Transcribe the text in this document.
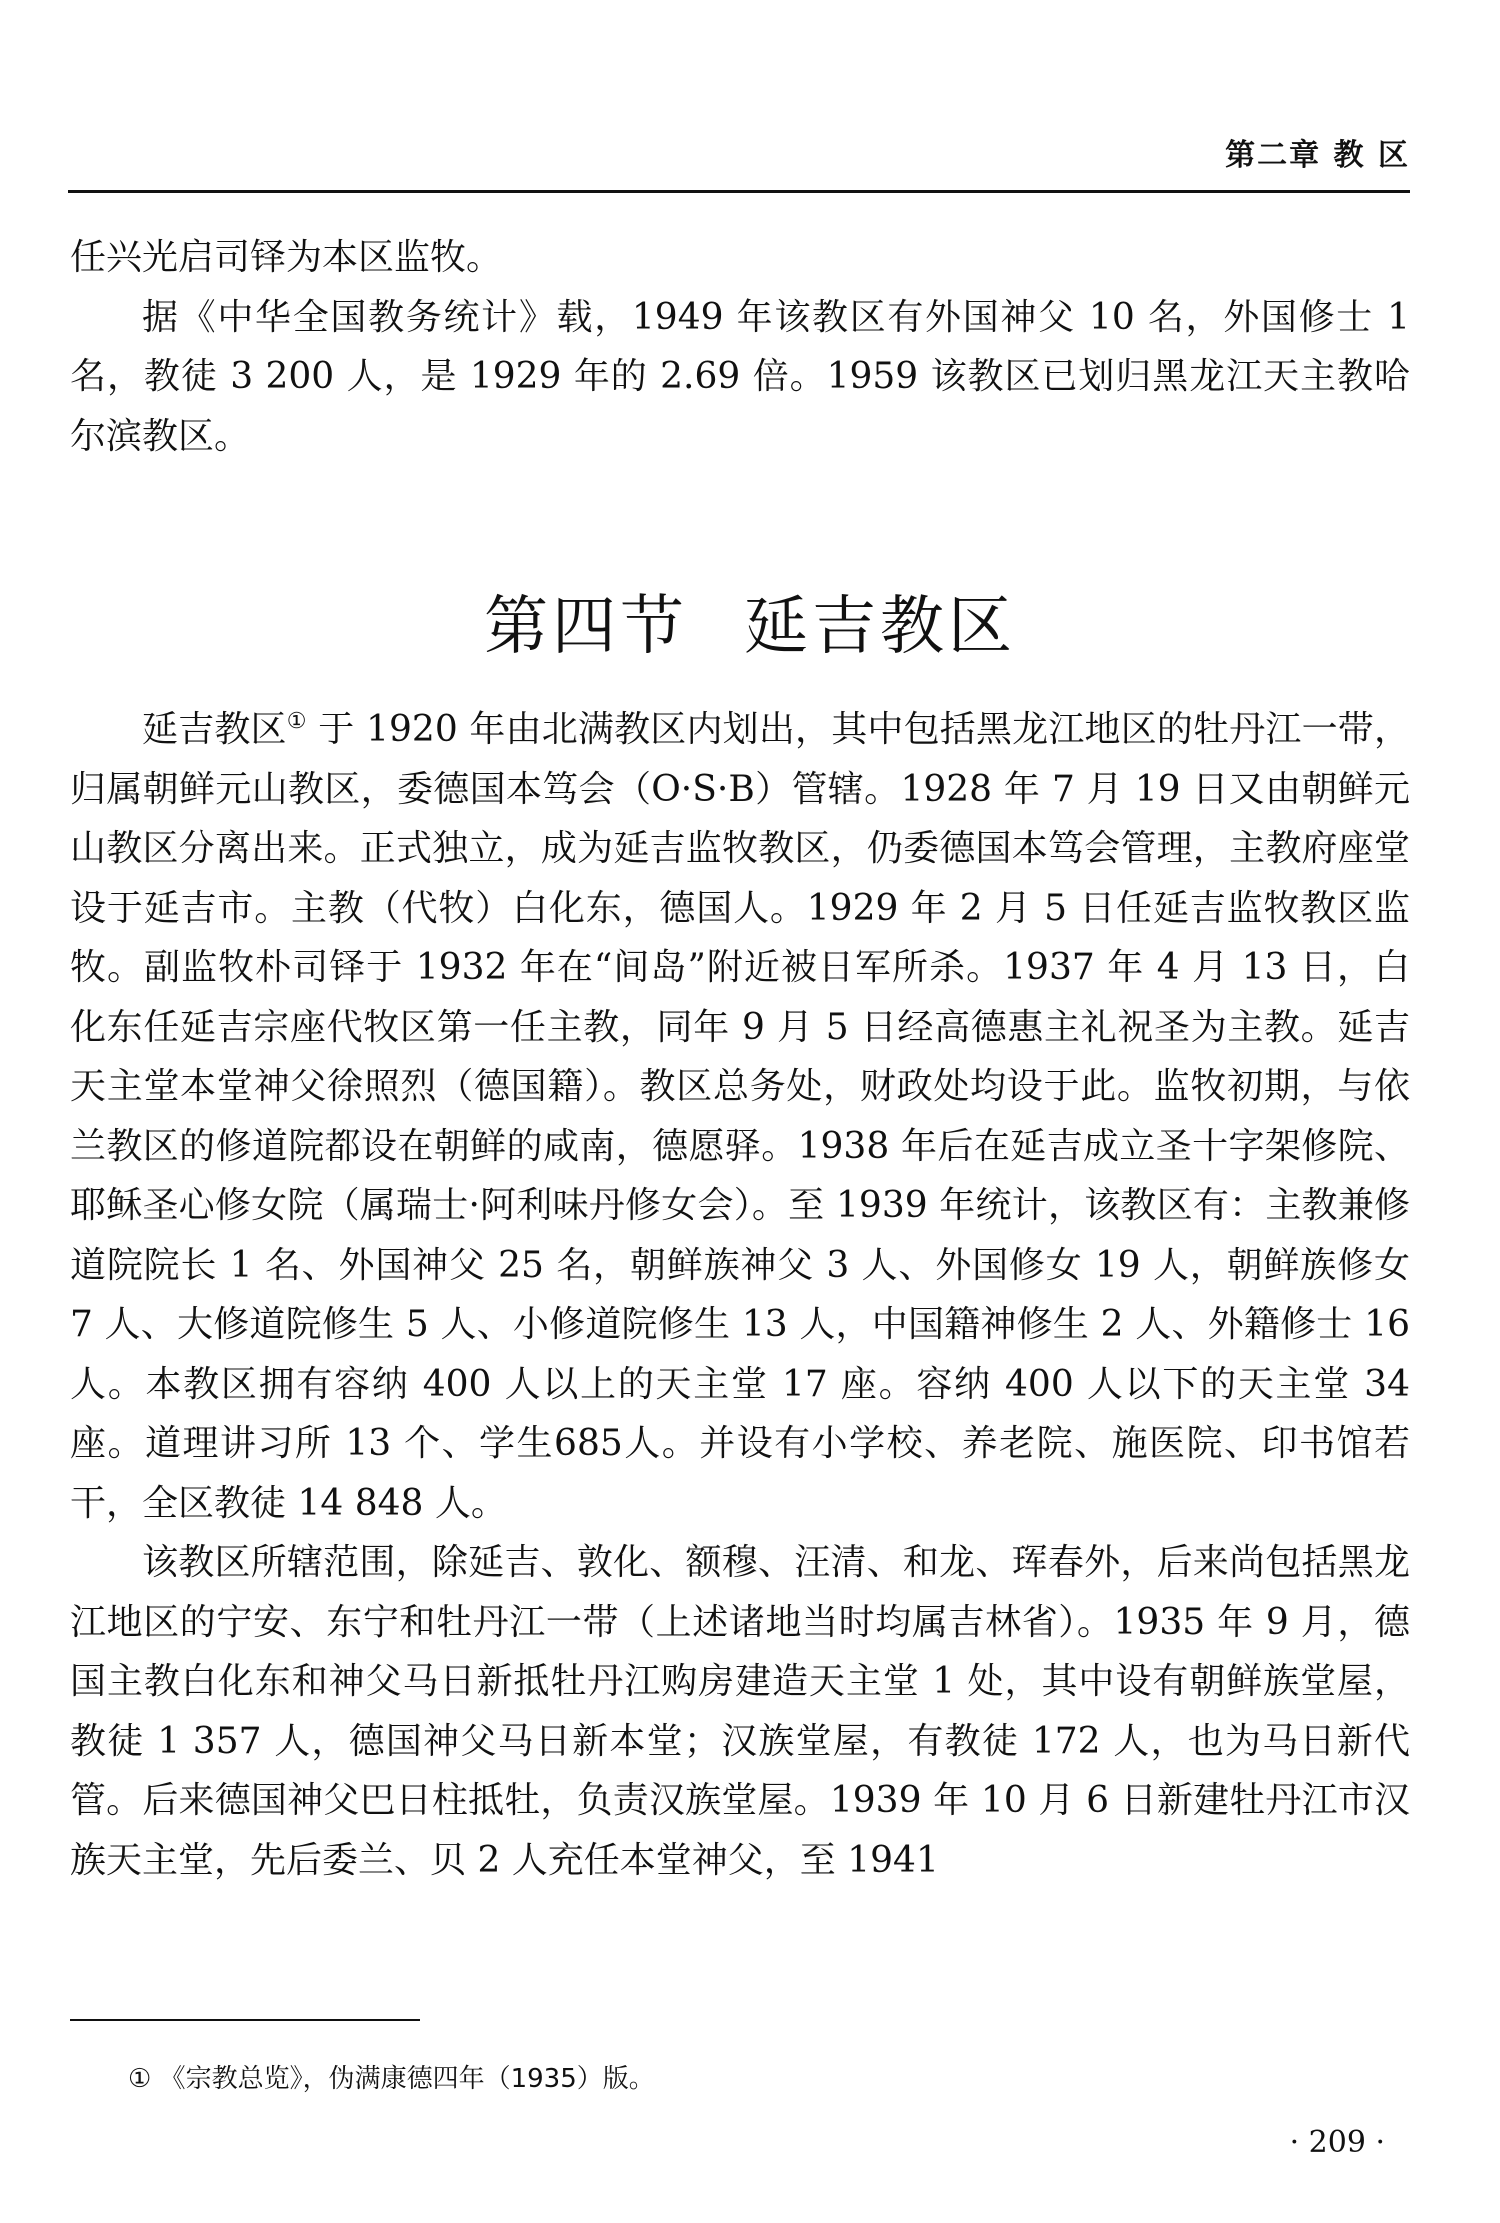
第二章 教 区

任兴光启司铎为本区监牧。

据《中华全国教务统计》载，1949 年该教区有外国神父 10 名，外国修士 1 名，教徒 3 200 人，是 1929 年的 2.69 倍。1959 该教区已划归黑龙江天主教哈尔滨教区。

第四节 延吉教区

延吉教区① 于 1920 年由北满教区内划出，其中包括黑龙江地区的牡丹江一带，归属朝鲜元山教区，委德国本笃会（O·S·B）管辖。1928 年 7 月 19 日又由朝鲜元山教区分离出来。正式独立，成为延吉监牧教区，仍委德国本笃会管理，主教府座堂设于延吉市。主教（代牧）白化东，德国人。1929 年 2 月 5 日任延吉监牧教区监牧。副监牧朴司铎于 1932 年在“间岛”附近被日军所杀。1937 年 4 月 13 日，白化东任延吉宗座代牧区第一任主教，同年 9 月 5 日经高德惠主礼祝圣为主教。延吉天主堂本堂神父徐照烈（德国籍）。教区总务处，财政处均设于此。监牧初期，与依兰教区的修道院都设在朝鲜的咸南，德愿驿。1938 年后在延吉成立圣十字架修院、耶稣圣心修女院（属瑞士·阿利味丹修女会）。至 1939 年统计，该教区有：主教兼修道院院长 1 名、外国神父 25 名，朝鲜族神父 3 人、外国修女 19 人，朝鲜族修女 7 人、大修道院修生 5 人、小修道院修生 13 人，中国籍神修生 2 人、外籍修士 16 人。本教区拥有容纳 400 人以上的天主堂 17 座。容纳 400 人以下的天主堂 34 座。道理讲习所 13 个、学生685人。并设有小学校、养老院、施医院、印书馆若干，全区教徒 14 848 人。

该教区所辖范围，除延吉、敦化、额穆、汪清、和龙、珲春外，后来尚包括黑龙江地区的宁安、东宁和牡丹江一带（上述诸地当时均属吉林省）。1935 年 9 月，德国主教白化东和神父马日新抵牡丹江购房建造天主堂 1 处，其中设有朝鲜族堂屋，教徒 1 357 人，德国神父马日新本堂；汉族堂屋，有教徒 172 人，也为马日新代管。后来德国神父巴日柱抵牡，负责汉族堂屋。1939 年 10 月 6 日新建牡丹江市汉族天主堂，先后委兰、贝 2 人充任本堂神父，至 1941

① 《宗教总览》，伪满康德四年（1935）版。
· 209 ·
